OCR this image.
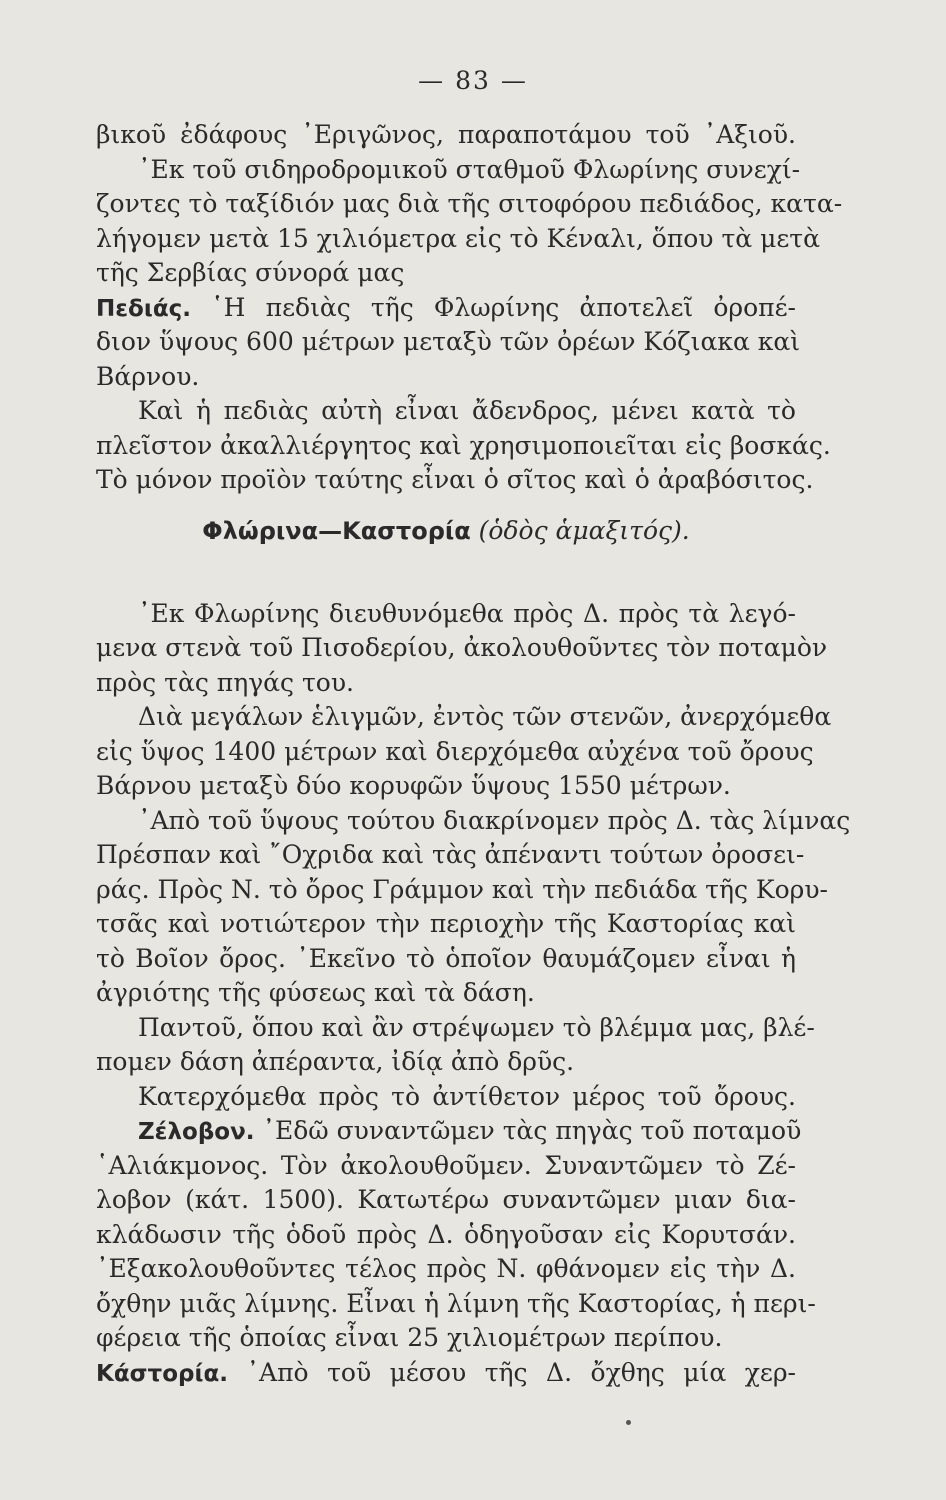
— 83 —
βικοῦ ἐδάφους ᾽Εριγῶνος, παραποτάμου τοῦ ᾽Αξιοῦ.
᾽Εκ τοῦ σιδηροδρομικοῦ σταθμοῦ Φλωρίνης συνεχί-
ζοντες τὸ ταξίδιόν μας διὰ τῆς σιτοφόρου πεδιάδος, κατα-
λήγομεν μετὰ 15 χιλιόμετρα εἰς τὸ Κέναλι, ὅπου τὰ μετὰ
τῆς Σερβίας σύνορά μας
Πεδιάς. ῾Η πεδιὰς τῆς Φλωρίνης ἀποτελεῖ ὀροπέ-
διον ὕψους 600 μέτρων μεταξὺ τῶν ὀρέων Κόζιακα καὶ
Βάρνου.
Καὶ ἡ πεδιὰς αὐτὴ εἶναι ἄδενδρος, μένει κατὰ τὸ
πλεῖστον ἀκαλλιέργητος καὶ χρησιμοποιεῖται εἰς βοσκάς.
Τὸ μόνον προϊὸν ταύτης εἶναι ὁ σῖτος καὶ ὁ ἀραβόσιτος.
Φλώρινα—Καστορία (ὁδὸς ἁμαξιτός).
᾽Εκ Φλωρίνης διευθυνόμεθα πρὸς Δ. πρὸς τὰ λεγό-
μενα στενὰ τοῦ Πισοδερίου, ἀκολουθοῦντες τὸν ποταμὸν
πρὸς τὰς πηγάς του.
Διὰ μεγάλων ἑλιγμῶν, ἐντὸς τῶν στενῶν, ἀνερχόμεθα
εἰς ὕψος 1400 μέτρων καὶ διερχόμεθα αὐχένα τοῦ ὄρους
Βάρνου μεταξὺ δύο κορυφῶν ὕψους 1550 μέτρων.
᾽Απὸ τοῦ ὕψους τούτου διακρίνομεν πρὸς Δ. τὰς λίμνας
Πρέσπαν καὶ ῎Οχριδα καὶ τὰς ἀπέναντι τούτων ὀροσει-
ράς. Πρὸς Ν. τὸ ὄρος Γράμμον καὶ τὴν πεδιάδα τῆς Κορυ-
τσᾶς καὶ νοτιώτερον τὴν περιοχὴν τῆς Καστορίας καὶ
τὸ Βοῖον ὄρος. ᾽Εκεῖνο τὸ ὁποῖον θαυμάζομεν εἶναι ἡ
ἀγριότης τῆς φύσεως καὶ τὰ δάση.
Παντοῦ, ὅπου καὶ ἂν στρέψωμεν τὸ βλέμμα μας, βλέ-
πομεν δάση ἀπέραντα, ἰδίᾳ ἀπὸ δρῦς.
Κατερχόμεθα πρὸς τὸ ἀντίθετον μέρος τοῦ ὄρους.
Ζέλοβον. ᾽Εδῶ συναντῶμεν τὰς πηγὰς τοῦ ποταμοῦ
῾Αλιάκμονος. Τὸν ἀκολουθοῦμεν. Συναντῶμεν τὸ Ζέ-
λοβον (κάτ. 1500). Κατωτέρω συναντῶμεν μιαν δια-
κλάδωσιν τῆς ὁδοῦ πρὸς Δ. ὁδηγοῦσαν εἰς Κορυτσάν.
᾽Εξακολουθοῦντες τέλος πρὸς Ν. φθάνομεν εἰς τὴν Δ.
ὄχθην μιᾶς λίμνης. Εἶναι ἡ λίμνη τῆς Καστορίας, ἡ περι-
φέρεια τῆς ὁποίας εἶναι 25 χιλιομέτρων περίπου.
Κάστορία. ᾽Απὸ τοῦ μέσου τῆς Δ. ὄχθης μία χερ-
